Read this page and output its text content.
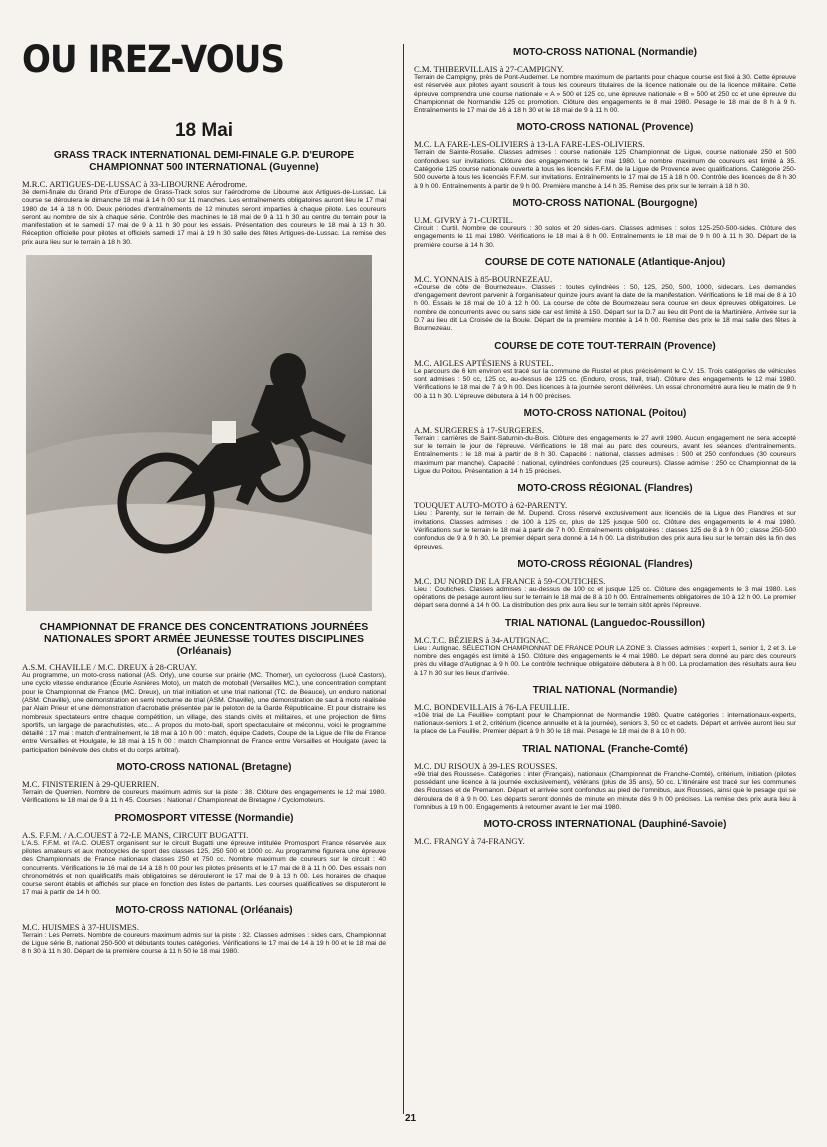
OU IREZ-VOUS
18 Mai
GRASS TRACK INTERNATIONAL DEMI-FINALE G.P. D'EUROPE CHAMPIONNAT 500 INTERNATIONAL (Guyenne)

M.R.C. ARTIGUES-DE-LUSSAC à 33-LIBOURNE Aérodrome.

3è demi-finale du Grand Prix d'Europe de Grass-Track solos sur l'aérodrome de Libourne aux Artigues-de-Lussac. La course se déroulera le dimanche 18 mai à 14 h 00 sur 11 manches. Les entraînements obligatoires auront lieu le 17 mai 1980 de 14 à 18 h 00. Deux périodes d'entraînements de 12 minutes seront imparties à chaque pilote. Les coureurs seront au nombre de six à chaque série. Contrôle des machines le 18 mai de 9 à 11 h 30 au centre du terrain pour la manifestation et le samedi 17 mai de 9 à 11 h 30 pour les essais. Présentation des coureurs le 18 mai à 13 h 30. Réception officielle pour pilotes et officiels samedi 17 mai à 19 h 30 salle des fêtes Artigues-de-Lussac. La remise des prix aura lieu sur le terrain à 18 h 30.

CHAMPIONNAT DE FRANCE DES CONCENTRATIONS JOURNÉES NATIONALES SPORT ARMÉE JEUNESSE TOUTES DISCIPLINES (Orléanais)

A.S.M. CHAVILLE / M.C. DREUX à 28-CRUAY.

Au programme, un moto-cross national (AS. Orly), une course sur prairie (MC. Thomer), un cyclocross (Lucé Castors), une cyclo vitesse endurance (Écurie Asnières Moto), un match de motoball (Versailles MC.), une concentration comptant pour le Championnat de France (MC. Dreux), un trial initiation et une trial national (TC. de Beauce), un enduro national (ASM. Chaville), une démonstration en semi nocturne de trial (ASM. Chaville), une démonstration de saut à moto réalisée par Alain Prieur et une démonstration d'acrobatie présentée par le peloton de la Garde Républicaine. Et pour distraire les nombreux spectateurs entre chaque compétition, un village, des stands civils et militaires, et une projection de films sportifs, un largage de parachutistes, etc... A propos du moto-ball, sport spectaculaire et méconnu, voici le programme détaillé : 17 mai : match d'entraînement, le 18 mai à 10 h 00 : match, équipe Cadets, Coupe de la Ligue de l'Ile de France entre Versailles et Houlgate, le 18 mai à 15 h 00 : match Championnat de France entre Versailles et Houlgate (avec la participation bénévole des clubs et du corps arbitral).

MOTO-CROSS NATIONAL (Bretagne)

M.C. FINISTERIEN à 29-QUERRIEN.

Terrain de Querrien. Nombre de coureurs maximum admis sur la piste : 38. Clôture des engagements le 12 mai 1980. Vérifications le 18 mai de 9 à 11 h 45. Courses : National / Championnat de Bretagne / Cyclomoteurs.

PROMOSPORT VITESSE (Normandie)

A.S. F.F.M. / A.C.OUEST à 72-LE MANS, CIRCUIT BUGATTI.

L'A.S. F.F.M. et l'A.C. OUEST organisent sur le circuit Bugatti une épreuve intitulée Promosport France réservée aux pilotes amateurs et aux motocycles de sport des classes 125, 250 500 et 1000 cc. Au programme figurera une épreuve des Championnats de France nationaux classes 250 et 750 cc. Nombre maximum de coureurs sur le circuit : 40 concurrents. Vérifications le 16 mai de 14 à 18 h 00 pour les pilotes présents et le 17 mai de 8 à 11 h 00. Des essais non chronométrés et non qualificatifs mais obligatoires se dérouleront le 17 mai de 9 à 13 h 00. Les horaires de chaque course seront établis et affichés sur place en fonction des listes de partants. Les courses qualificatives se disputeront le 17 mai à partir de 14 h 00.

MOTO-CROSS NATIONAL (Orléanais)

M.C. HUISMES à 37-HUISMES.

Terrain : Les Perrets. Nombre de coureurs maximum admis sur la piste : 32. Classes admises : sides cars, Championnat de Ligue série B, national 250-500 et débutants toutes catégories. Vérifications le 17 mai de 14 à 19 h 00 et le 18 mai de 8 h 30 à 11 h 30. Départ de la première course à 11 h 50 le 18 mai 1980.

MOTO-CROSS NATIONAL (Normandie)

C.M. THIBERVILLAIS à 27-CAMPIGNY.

Terrain de Campigny, près de Pont-Audemer. Le nombre maximum de partants pour chaque course est fixé à 30. Cette épreuve est réservée aux pilotes ayant souscrit à tous les coureurs titulaires de la licence nationale ou de la licence militaire. Cette épreuve comprendra une course nationale « A » 500 et 125 cc, une épreuve nationale « B » 500 et 250 cc et une épreuve du Championnat de Normandie 125 cc promotion. Clôture des engagements le 8 mai 1980. Pesage le 18 mai de 8 h à 9 h. Entraînements le 17 mai de 16 à 18 h 30 et le 18 mai de 9 à 11 h 00.

MOTO-CROSS NATIONAL (Provence)

M.C. LA FARE-LES-OLIVIERS à 13-LA FARE-LES-OLIVIERS.

Terrain de Sainte-Rosalie. Classes admises : course nationale 125 Championnat de Ligue, course nationale 250 et 500 confondues sur invitations. Clôture des engagements le 1er mai 1980. Le nombre maximum de coureurs est limité à 35. Catégorie 125 course nationale ouverte à tous les licenciés F.F.M. de la Ligue de Provence avec qualifications. Catégorie 250-500 ouverte à tous les licenciés F.F.M. sur invitations. Entraînements le 17 mai de 15 à 18 h 00. Contrôle des licences de 8 h 30 à 9 h 00. Entraînements à partir de 9 h 00. Première manche à 14 h 35. Remise des prix sur le terrain à 18 h 30.

MOTO-CROSS NATIONAL (Bourgogne)

U.M. GIVRY à 71-CURTIL.

Circuit : Curtil. Nombre de coureurs : 30 solos et 20 sides-cars. Classes admises : solos 125-250-500-sides. Clôture des engagements le 11 mai 1980. Vérifications le 18 mai à 8 h 00. Entraînements le 18 mai de 9 h 00 à 11 h 30. Départ de la première course à 14 h 30.

COURSE DE COTE NATIONALE (Atlantique-Anjou)

M.C. YONNAIS à 85-BOURNEZEAU.

«Course de côte de Bournezeau». Classes : toutes cylindrées : 50, 125, 250, 500, 1000, sidecars. Les demandes d'engagement devront parvenir à l'organisateur quinze jours avant la date de la manifestation. Vérifications le 18 mai de 8 à 10 h 00. Essais le 18 mai de 10 à 12 h 00. La course de côte de Bournezeau sera courue en deux épreuves obligatoires. Le nombre de concurrents avec ou sans side car est limité à 150. Départ sur la D.7 au lieu dit Pont de la Martinière. Arrivée sur la D.7 au lieu dit La Croisée de la Boule. Départ de la première montée à 14 h 00. Remise des prix le 18 mai salle des fêtes à Bournezeau.

COURSE DE COTE TOUT-TERRAIN (Provence)

M.C. AIGLES APTÉSIENS à RUSTEL.

Le parcours de 6 km environ est tracé sur la commune de Rustel et plus précisément le C.V. 15. Trois catégories de véhicules sont admises : 50 cc, 125 cc, au-dessus de 125 cc. (Enduro, cross, trail, trial). Clôture des engagements le 12 mai 1980. Vérifications le 18 mai de 7 à 9 h 00. Des licences à la journée seront délivrées. Un essai chronométré aura lieu le matin de 9 h 00 à 11 h 30. L'épreuve débutera à 14 h 00 précises.

MOTO-CROSS NATIONAL (Poitou)

A.M. SURGERES à 17-SURGERES.

Terrain : carrières de Saint-Saturnin-du-Bois. Clôture des engagements le 27 avril 1980. Aucun engagement ne sera accepté sur le terrain le jour de l'épreuve. Vérifications le 18 mai au parc des coureurs, avant les séances d'entraînements. Entraînements : le 18 mai à partir de 8 h 30. Capacité : national, classes admises : 500 et 250 confondues (30 coureurs maximum par manche). Capacité : national, cylindrées confondues (25 coureurs). Classe admise : 250 cc Championnat de la Ligue du Poitou. Présentation à 14 h 15 précises.

MOTO-CROSS RÉGIONAL (Flandres)

TOUQUET AUTO-MOTO à 62-PARENTY.

Lieu : Parenty, sur le terrain de M. Dupend. Cross réservé exclusivement aux licenciés de la Ligue des Flandres et sur invitations. Classes admises : de 100 à 125 cc, plus de 125 jusque 500 cc. Clôture des engagements le 4 mai 1980. Vérifications sur le terrain le 18 mai à partir de 7 h 00. Entraînements obligatoires : classes 125 de 8 à 9 h 00 ; classe 250-500 confondus de 9 à 9 h 30. Le premier départ sera donné à 14 h 00. La distribution des prix aura lieu sur le terrain dès la fin des épreuves.

MOTO-CROSS RÉGIONAL (Flandres)

M.C. DU NORD DE LA FRANCE à 59-COUTICHES.

Lieu : Coutiches. Classes admises : au-dessus de 100 cc et jusque 125 cc. Clôture des engagements le 3 mai 1980. Les opérations de pesage auront lieu sur le terrain le 18 mai de 8 à 10 h 00. Entraînements obligatoires de 10 à 12 h 00. Le premier départ sera donné à 14 h 00. La distribution des prix aura lieu sur le terrain sitôt après l'épreuve.

TRIAL NATIONAL (Languedoc-Roussillon)

M.C.T.C. BÉZIERS à 34-AUTIGNAC.

Lieu : Autignac. SÉLECTION CHAMPIONNAT DE FRANCE POUR LA ZONE 3. Classes admises : expert 1, senior 1, 2 et 3. Le nombre des engagés est limité à 150. Clôture des engagements le 4 mai 1980. Le départ sera donné au parc des coureurs près du village d'Autignac à 9 h 00. Le contrôle technique obligatoire débutera à 8 h 00. La proclamation des résultats aura lieu à 17 h 30 sur les lieux d'arrivée.

TRIAL NATIONAL (Normandie)

M.C. BONDEVILLAIS à 76-LA FEUILLIE.

«10è trial de La Feuillie» comptant pour le Championnat de Normandie 1980. Quatre catégories : internationaux-experts, nationaux-seniors 1 et 2, critérium (licence annuelle et à la journée), seniors 3, 50 cc et cadets. Départ et arrivée auront lieu sur la place de La Feuillie. Premier départ à 9 h 30 le 18 mai. Pesage le 18 mai de 8 à 10 h 00.

TRIAL NATIONAL (Franche-Comté)

M.C. DU RISOUX à 39-LES ROUSSES.

«9è trial des Rousses». Catégories : inter (Français), nationaux (Championnat de Franche-Comté), critérium, initiation (pilotes possédant une licence à la journée exclusivement), vétérans (plus de 35 ans), 50 cc. L'itinéraire est tracé sur les communes des Rousses et de Premanon. Départ et arrivée sont confondus au pied de l'omnibus, aux Rousses, ainsi que le pesage qui se déroulera de 8 à 9 h 00. Les départs seront donnés de minute en minute dès 9 h 00 précises. La remise des prix aura lieu à l'omnibus à 19 h 00. Engagements à retourner avant le 1er mai 1980.

MOTO-CROSS INTERNATIONAL (Dauphiné-Savoie)

M.C. FRANGY à 74-FRANGY.

21
